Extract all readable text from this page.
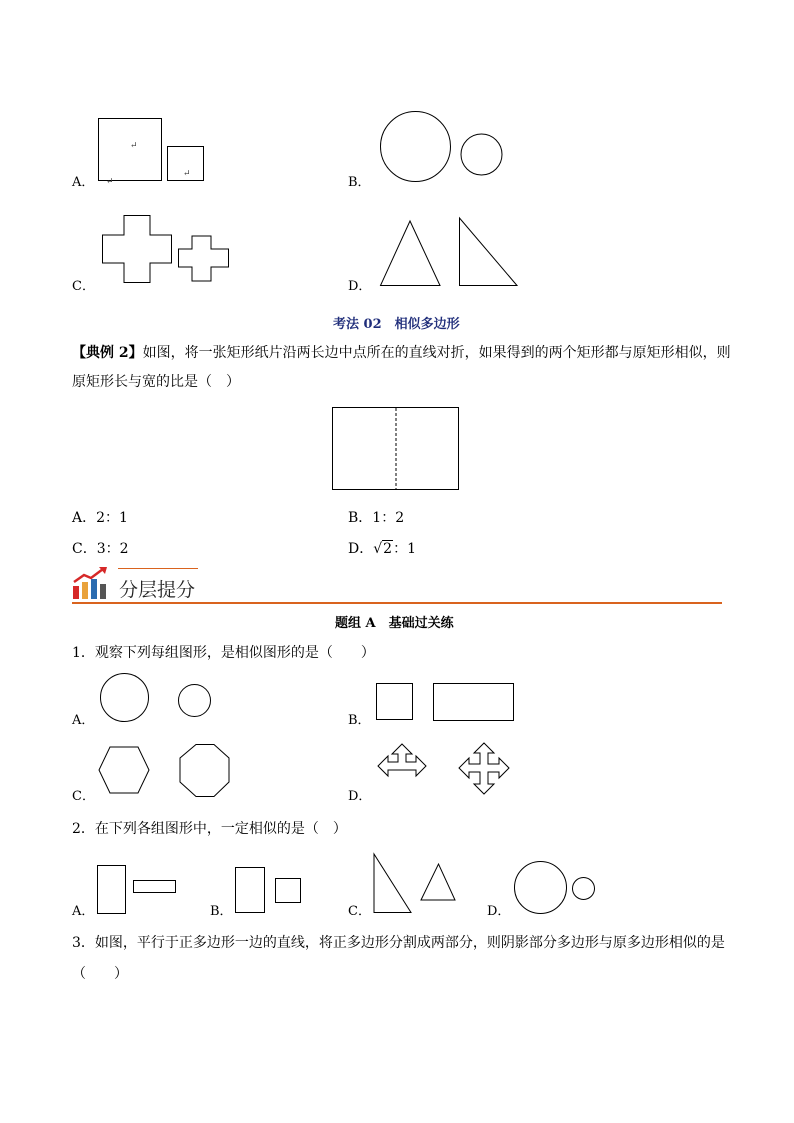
A．
↵
↵
↵	B．
C．	D．
考法 02　相似多边形
【典例 2】如图，将一张矩形纸片沿两长边中点所在的直线对折，如果得到的两个矩形都与原矩形相似，则
原矩形长与宽的比是（　）
A．2：1	B．1：2
C．3：2	D．√2：1
分层提分
题组 A　基础过关练
1．观察下列每组图形，是相似图形的是（　　）
A．	B．
C．	D．
2．在下列各组图形中，一定相似的是（　）
A．	B．	C．	D．
3．如图，平行于正多边形一边的直线，将正多边形分割成两部分，则阴影部分多边形与原多边形相似的是
（　　）
